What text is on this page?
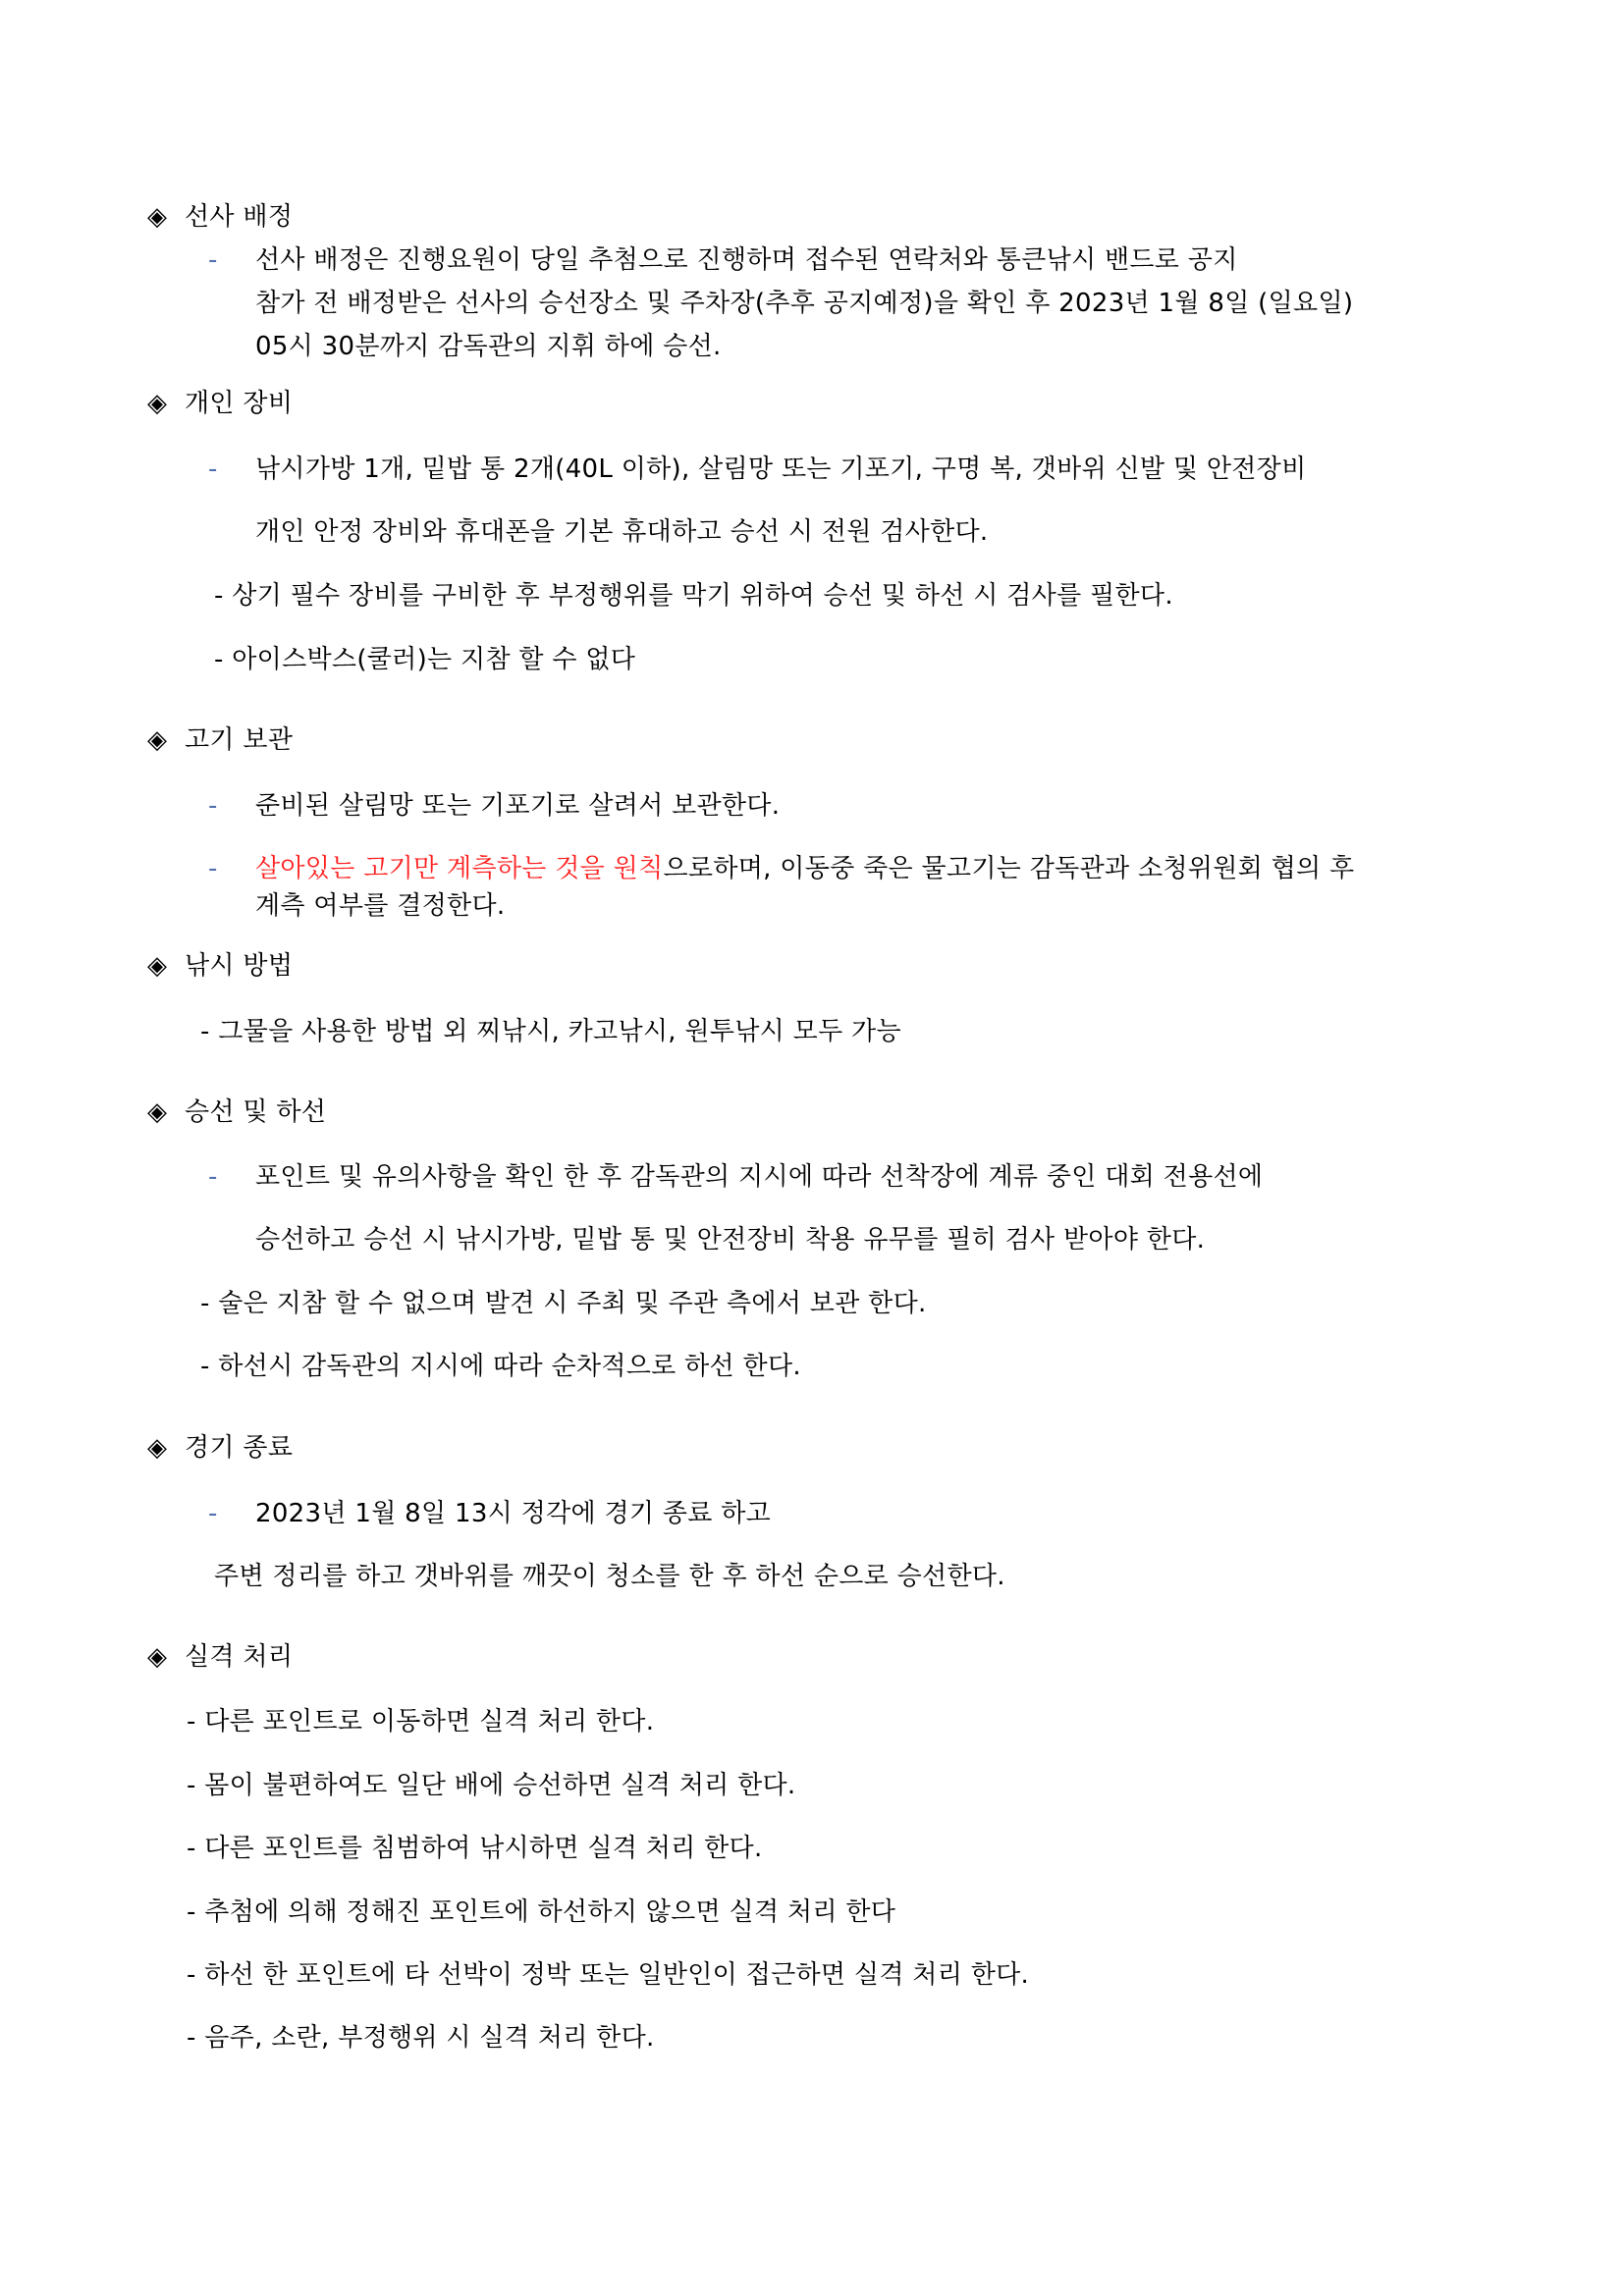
◈ 선사 배정
- 선사 배정은 진행요원이 당일 추첨으로 진행하며 접수된 연락처와 통큰낚시 밴드로 공지
참가 전 배정받은 선사의 승선장소 및 주차장(추후 공지예정)을 확인 후 2023년 1월 8일 (일요일)
05시 30분까지 감독관의 지휘 하에 승선.
◈ 개인 장비
- 낚시가방 1개, 밑밥 통 2개(40L 이하), 살림망 또는 기포기, 구명 복, 갯바위 신발 및 안전장비
개인 안정 장비와 휴대폰을 기본 휴대하고 승선 시 전원 검사한다.
- 상기 필수 장비를 구비한 후 부정행위를 막기 위하여 승선 및 하선 시 검사를 필한다.
- 아이스박스(쿨러)는 지참 할 수 없다
◈ 고기 보관
- 준비된 살림망 또는 기포기로 살려서 보관한다.
- 살아있는 고기만 계측하는 것을 원칙으로하며, 이동중 죽은 물고기는 감독관과 소청위원회 협의 후
계측 여부를 결정한다.
◈ 낚시 방법
- 그물을 사용한 방법 외 찌낚시, 카고낚시, 원투낚시 모두 가능
◈ 승선 및 하선
- 포인트 및 유의사항을 확인 한 후 감독관의 지시에 따라 선착장에 계류 중인 대회 전용선에
승선하고 승선 시 낚시가방, 밑밥 통 및 안전장비 착용 유무를 필히 검사 받아야 한다.
- 술은 지참 할 수 없으며 발견 시 주최 및 주관 측에서 보관 한다.
- 하선시 감독관의 지시에 따라 순차적으로 하선 한다.
◈ 경기 종료
- 2023년 1월 8일 13시 정각에 경기 종료 하고
주변 정리를 하고 갯바위를 깨끗이 청소를 한 후 하선 순으로 승선한다.
◈ 실격 처리
- 다른 포인트로 이동하면 실격 처리 한다.
- 몸이 불편하여도 일단 배에 승선하면 실격 처리 한다.
- 다른 포인트를 침범하여 낚시하면 실격 처리 한다.
- 추첨에 의해 정해진 포인트에 하선하지 않으면 실격 처리 한다
- 하선 한 포인트에 타 선박이 정박 또는 일반인이 접근하면 실격 처리 한다.
- 음주, 소란, 부정행위 시 실격 처리 한다.
